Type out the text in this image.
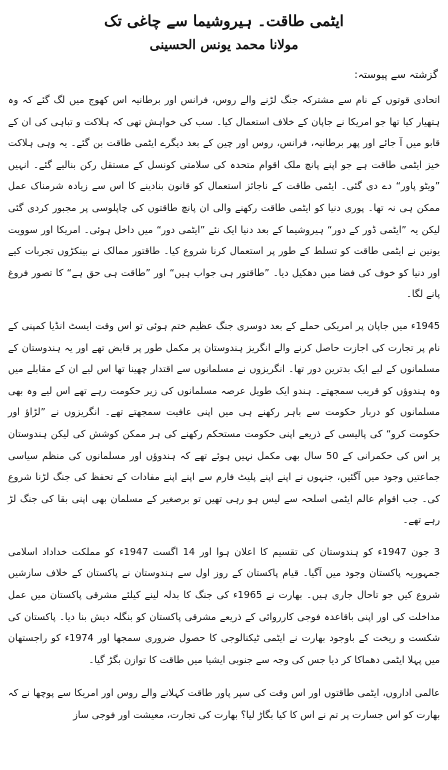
ایٹمی طاقت۔ ہیروشیما سے چاغی تک
مولانا محمد یونس الحسینی
گزشتہ سے پیوستہ:

اتحادی قوتوں کے نام سے مشترکہ جنگ لڑنے والے روس، فرانس اور برطانیہ اس کھوج میں لگ گئے کہ وہ ہتھیار کیا تھا جو امریکا نے جاپان کے خلاف استعمال کیا۔ سب کی خواہش تھی کہ ہلاکت و تباہی کی ان کے قابو میں آ جائے اور پھر برطانیہ، فرانس، روس اور چین کے بعد دیگرے ایٹمی طاقت بن گئے۔ یہ وہی ہلاکت خیز ایٹمی طاقت ہے جو اپنے پانچ ملک اقوام متحدہ کی سلامتی کونسل کے مستقل رکن بنالیے گئے۔ انہیں ”ویٹو پاور“ دے دی گئی۔ ایٹمی طاقت کے ناجائز استعمال کو قانون بنادینے کا اس سے زیادہ شرمناک عمل ممکن ہی نہ تھا۔ پوری دنیا کو ایٹمی طاقت رکھنے والی ان پانچ طاقتوں کی چاپلوسی پر مجبور کردی گئی لیکن یہ ”ایٹمی ڈور کے دور“ ہیروشیما کے بعد دنیا ایک نئے ”ایٹمی دور“ میں داخل ہوئی۔ امریکا اور سوویت یونین نے ایٹمی طاقت کو تسلط کے طور پر استعمال کرنا شروع کیا۔ طاقتور ممالک نے بینکڑوں تجربات کیے اور دنیا کو خوف کی فضا میں دھکیل دیا۔ ”طاقتور ہی جواب ہیں“ اور ”طاقت ہی حق ہے“ کا تصور فروغ پانے لگا۔

1945ء میں جاپان پر امریکی حملے کے بعد دوسری جنگ عظیم ختم ہوئی تو اس وقت ایسٹ انڈیا کمپنی کے نام پر تجارت کی اجازت حاصل کرنے والے انگریز ہندوستان پر مکمل طور پر قابض تھے اور یہ ہندوستان کے مسلمانوں کے لیے ایک بدترین دور تھا۔ انگریزوں نے مسلمانوں سے اقتدار چھینا تھا اس لیے ان کے مقابلے میں وہ ہندوؤں کو قریب سمجھتے۔ ہندو ایک طویل عرصہ مسلمانوں کی زیر حکومت رہے تھے اس لیے وہ بھی مسلمانوں کو دربار حکومت سے باہر رکھنے ہی میں اپنی عافیت سمجھتے تھے۔ انگریزوں نے ”لڑاؤ اور حکومت کرو“ کی پالیسی کے ذریعے اپنی حکومت مستحکم رکھنے کی ہر ممکن کوشش کی لیکن ہندوستان پر اس کی حکمرانی کے 50 سال بھی مکمل نہیں ہوئے تھے کہ ہندوؤں اور مسلمانوں کی منظم سیاسی جماعتیں وجود میں آگئیں، جنہوں نے اپنے اپنے پلیٹ فارم سے اپنے اپنے مفادات کے تحفظ کی جنگ لڑنا شروع کی۔ جب اقوام عالم ایٹمی اسلحہ سے لیس ہو رہی تھیں تو برصغیر کے مسلمان بھی اپنی بقا کی جنگ لڑ رہے تھے۔

3 جون 1947ء کو ہندوستان کی تقسیم کا اعلان ہوا اور 14 اگست 1947ء کو مملکت خداداد اسلامی جمہوریہ پاکستان وجود میں آگیا۔ قیام پاکستان کے روز اول سے ہندوستان نے پاکستان کے خلاف سازشیں شروع کیں جو تاحال جاری ہیں۔ بھارت نے 1965ء کی جنگ کا بدلہ لینے کیلئے مشرقی پاکستان میں عمل مداخلت کی اور اپنی باقاعدہ فوجی کارروائی کے ذریعے مشرقی پاکستان کو بنگلہ دیش بنا دیا۔ پاکستان کی شکست و ریخت کے باوجود بھارت نے ایٹمی ٹیکنالوجی کا حصول ضروری سمجھا اور 1974ء کو راجستھان میں پہلا ایٹمی دھماکا کر دیا جس کی وجہ سے جنوبی ایشیا میں طاقت کا توازن بگڑ گیا۔

عالمی اداروں، ایٹمی طاقتوں اور اس وقت کی سپر پاور طاقت کہلانے والے روس اور امریکا سے پوچھا نے کہ بھارت کو اس جسارت پر تم نے اس کا کیا بگاڑ لیا؟ بھارت کی تجارت، معیشت اور فوجی ساز
